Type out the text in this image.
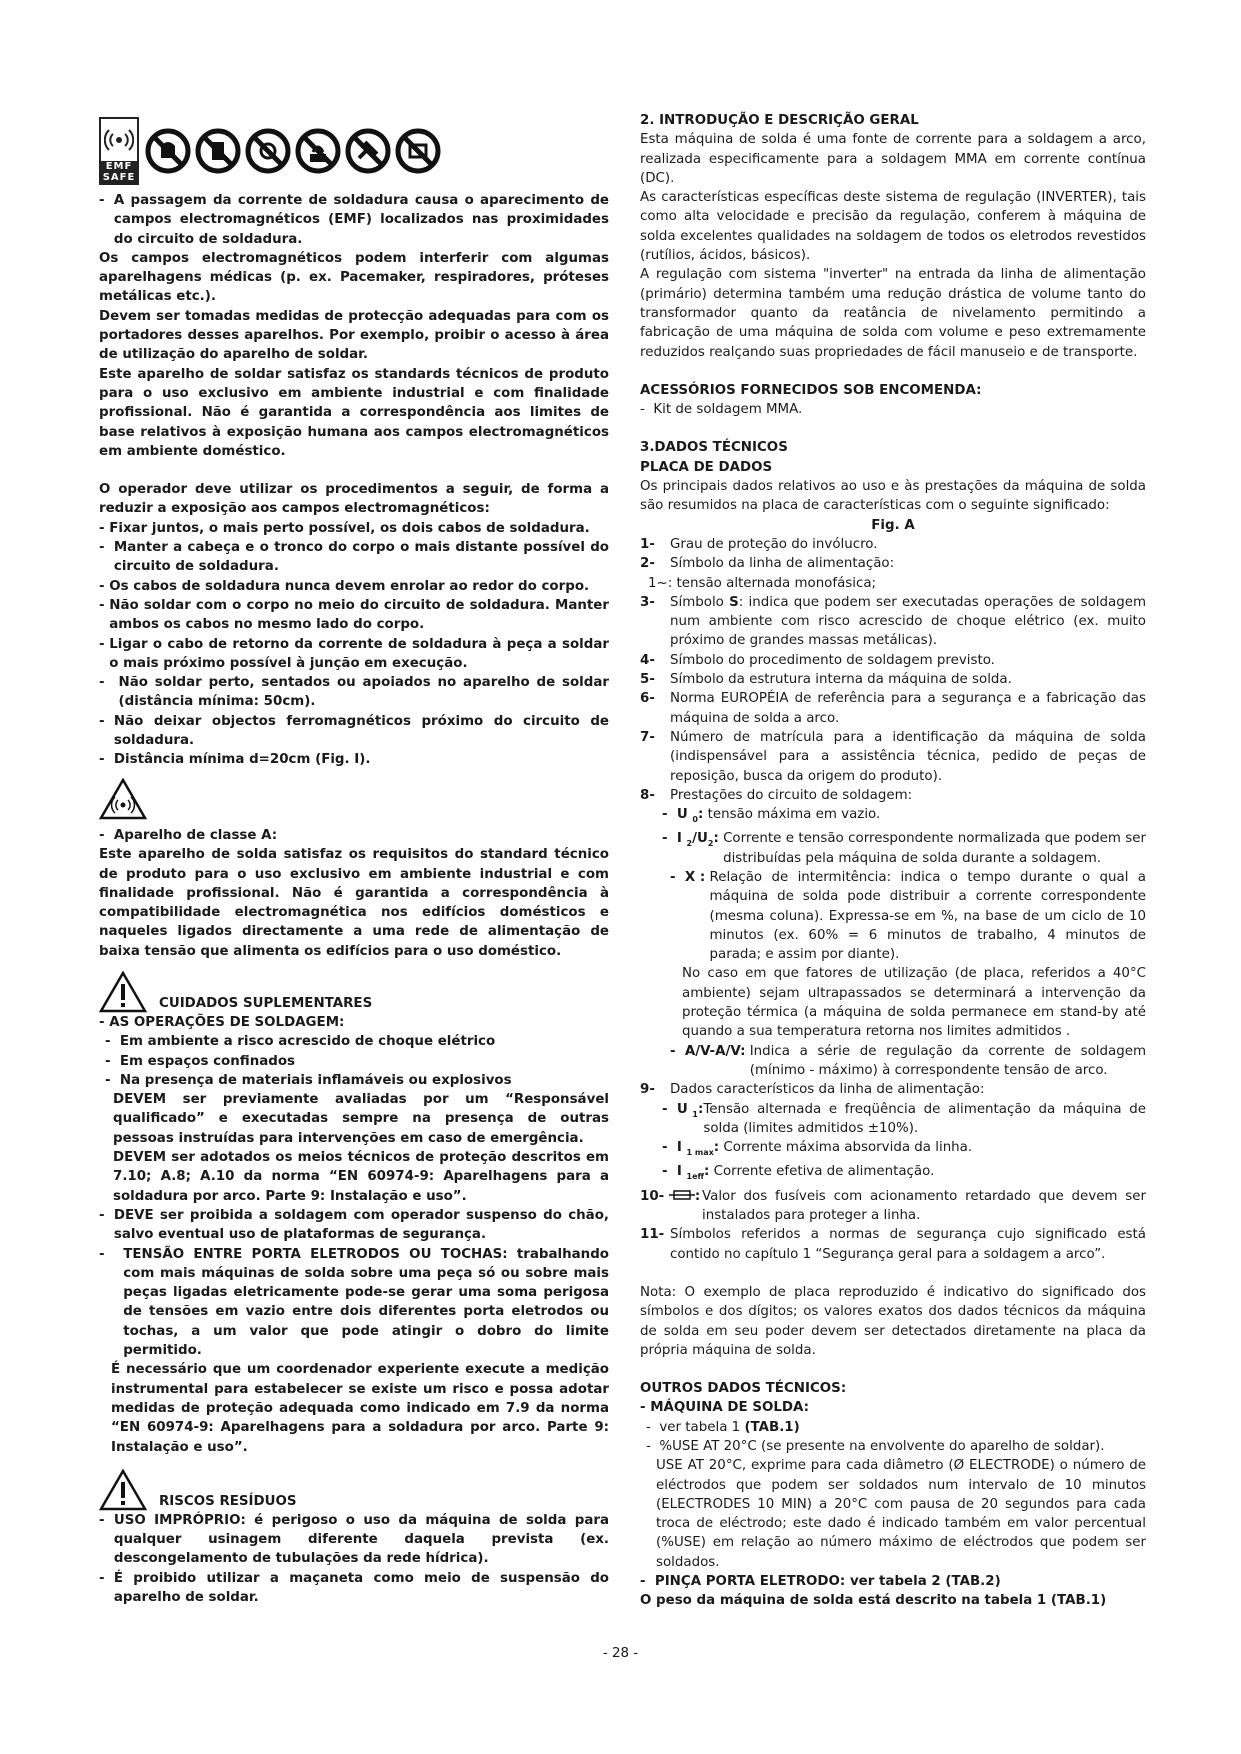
EMF SAFE
- A passagem da corrente de soldadura causa o aparecimento de campos electromagnéticos (EMF) localizados nas proximidades do circuito de soldadura.
Os campos electromagnéticos podem interferir com algumas aparelhagens médicas (p. ex. Pacemaker, respiradores, próteses metálicas etc.).
Devem ser tomadas medidas de protecção adequadas para com os portadores desses aparelhos. Por exemplo, proibir o acesso à área de utilização do aparelho de soldar.
Este aparelho de soldar satisfaz os standards técnicos de produto para o uso exclusivo em ambiente industrial e com finalidade profissional. Não é garantida a correspondência aos limites de base relativos à exposição humana aos campos electromagnéticos em ambiente doméstico.
O operador deve utilizar os procedimentos a seguir, de forma a reduzir a exposição aos campos electromagnéticos:
- Fixar juntos, o mais perto possível, os dois cabos de soldadura.
- Manter a cabeça e o tronco do corpo o mais distante possível do circuito de soldadura.
- Os cabos de soldadura nunca devem enrolar ao redor do corpo.
- Não soldar com o corpo no meio do circuito de soldadura. Manter ambos os cabos no mesmo lado do corpo.
- Ligar o cabo de retorno da corrente de soldadura à peça a soldar o mais próximo possível à junção em execução.
- Não soldar perto, sentados ou apoiados no aparelho de soldar (distância mínima: 50cm).
- Não deixar objectos ferromagnéticos próximo do circuito de soldadura.
- Distância mínima d=20cm (Fig. I).
- Aparelho de classe A:
Este aparelho de solda satisfaz os requisitos do standard técnico de produto para o uso exclusivo em ambiente industrial e com finalidade profissional. Não é garantida a correspondência à compatibilidade electromagnética nos edifícios domésticos e naqueles ligados directamente a uma rede de alimentação de baixa tensão que alimenta os edifícios para o uso doméstico.
CUIDADOS SUPLEMENTARES
- AS OPERAÇÕES DE SOLDAGEM:
- Em ambiente a risco acrescido de choque elétrico
- Em espaços confinados
- Na presença de materiais inflamáveis ou explosivos
DEVEM ser previamente avaliadas por um “Responsável qualificado” e executadas sempre na presença de outras pessoas instruídas para intervenções em caso de emergência.
DEVEM ser adotados os meios técnicos de proteção descritos em 7.10; A.8; A.10 da norma “EN 60974-9: Aparelhagens para a soldadura por arco. Parte 9: Instalação e uso”.
- DEVE ser proibida a soldagem com operador suspenso do chão, salvo eventual uso de plataformas de segurança.
- TENSÃO ENTRE PORTA ELETRODOS OU TOCHAS: trabalhando com mais máquinas de solda sobre uma peça só ou sobre mais peças ligadas eletricamente pode-se gerar uma soma perigosa de tensões em vazio entre dois diferentes porta eletrodos ou tochas, a um valor que pode atingir o dobro do limite permitido.
É necessário que um coordenador experiente execute a medição instrumental para estabelecer se existe um risco e possa adotar medidas de proteção adequada como indicado em 7.9 da norma “EN 60974-9: Aparelhagens para a soldadura por arco. Parte 9: Instalação e uso”.
RISCOS RESÍDUOS
- USO IMPRÓPRIO: é perigoso o uso da máquina de solda para qualquer usinagem diferente daquela prevista (ex. descongelamento de tubulações da rede hídrica).
- É proibido utilizar a maçaneta como meio de suspensão do aparelho de soldar.
2. INTRODUÇÃO E DESCRIÇÃO GERAL
Esta máquina de solda é uma fonte de corrente para a soldagem a arco, realizada especificamente para a soldagem MMA em corrente contínua (DC).
As características específicas deste sistema de regulação (INVERTER), tais como alta velocidade e precisão da regulação, conferem à máquina de solda excelentes qualidades na soldagem de todos os eletrodos revestidos (rutílios, ácidos, básicos).
A regulação com sistema "inverter" na entrada da linha de alimentação (primário) determina também uma redução drástica de volume tanto do transformador quanto da reatância de nivelamento permitindo a fabricação de uma máquina de solda com volume e peso extremamente reduzidos realçando suas propriedades de fácil manuseio e de transporte.
ACESSÓRIOS FORNECIDOS SOB ENCOMENDA:
-  Kit de soldagem MMA.
3.DADOS TÉCNICOS
PLACA DE DADOS
Os principais dados relativos ao uso e às prestações da máquina de solda são resumidos na placa de características com o seguinte significado:
Fig. A
1-	Grau de proteção do invólucro.
2-	Símbolo da linha de alimentação:
1~: tensão alternada monofásica;
3-	Símbolo S: indica que podem ser executadas operações de soldagem num ambiente com risco acrescido de choque elétrico (ex. muito próximo de grandes massas metálicas).
4-	Símbolo do procedimento de soldagem previsto.
5-	Símbolo da estrutura interna da máquina de solda.
6-	Norma EUROPÉIA de referência para a segurança e a fabricação das máquina de solda a arco.
7-	Número de matrícula para a identificação da máquina de solda (indispensável para a assistência técnica, pedido de peças de reposição, busca da origem do produto).
8-	Prestações do circuito de soldagem:
-  U $_0$: tensão máxima em vazio.
-  I $_2/U_2$: Corrente e tensão correspondente normalizada que podem ser distribuídas pela máquina de solda durante a soldagem.
-  X : Relação de intermitência: indica o tempo durante o qual a máquina de solda pode distribuir a corrente correspondente (mesma coluna). Expressa-se em %, na base de um ciclo de 10 minutos (ex. 60% = 6 minutos de trabalho, 4 minutos de parada; e assim por diante).
No caso em que fatores de utilização (de placa, referidos a 40°C ambiente) sejam ultrapassados se determinará a intervenção da proteção térmica (a máquina de solda permanece em stand-by até quando a sua temperatura retorna nos limites admitidos .
-  A/V-A/V: Indica a série de regulação da corrente de soldagem (mínimo - máximo) à correspondente tensão de arco.
9-	Dados característicos da linha de alimentação:
-  U $_1$: Tensão alternada e freqüência de alimentação da máquina de solda (limites admitidos ±10%).
-  I $_{1 max}$: Corrente máxima absorvida da linha.
-  I $_{1eff}$: Corrente efetiva de alimentação.
10- : Valor dos fusíveis com acionamento retardado que devem ser instalados para proteger a linha.
11- Símbolos referidos a normas de segurança cujo significado está contido no capítulo 1 “Segurança geral para a soldagem a arco”.
Nota: O exemplo de placa reproduzido é indicativo do significado dos símbolos e dos dígitos; os valores exatos dos dados técnicos da máquina de solda em seu poder devem ser detectados diretamente na placa da própria máquina de solda.
OUTROS DADOS TÉCNICOS:
- MÁQUINA DE SOLDA:
-  ver tabela 1 (TAB.1)
-  %USE AT 20°C (se presente na envolvente do aparelho de soldar).
USE AT 20°C, exprime para cada diâmetro (Ø ELECTRODE) o número de eléctrodos que podem ser soldados num intervalo de 10 minutos (ELECTRODES 10 MIN) a 20°C com pausa de 20 segundos para cada troca de eléctrodo; este dado é indicado também em valor percentual (%USE) em relação ao número máximo de eléctrodos que podem ser soldados.
-  PINÇA PORTA ELETRODO: ver tabela 2 (TAB.2)
O peso da máquina de solda está descrito na tabela 1 (TAB.1)
- 28 -
